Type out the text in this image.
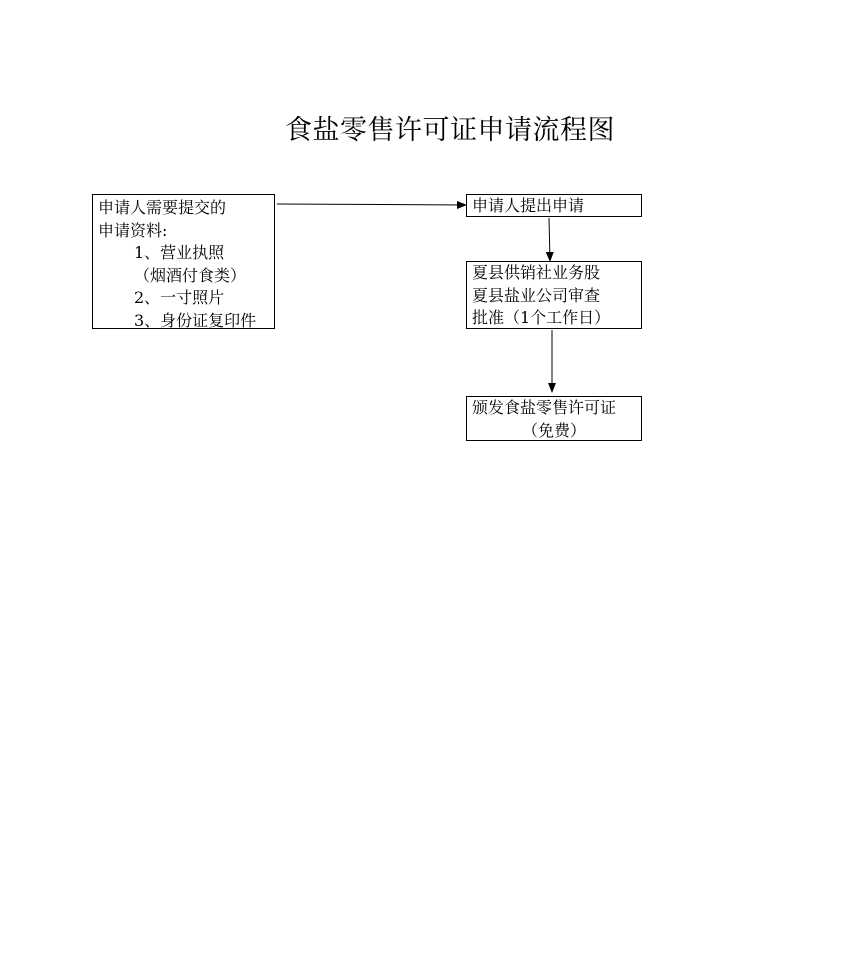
食盐零售许可证申请流程图
申请人需要提交的
申请资料:
1、营业执照
（烟酒付食类）
2、一寸照片
3、身份证复印件
申请人提出申请
夏县供销社业务股
夏县盐业公司审查
批准（1个工作日）
颁发食盐零售许可证
（免费）
